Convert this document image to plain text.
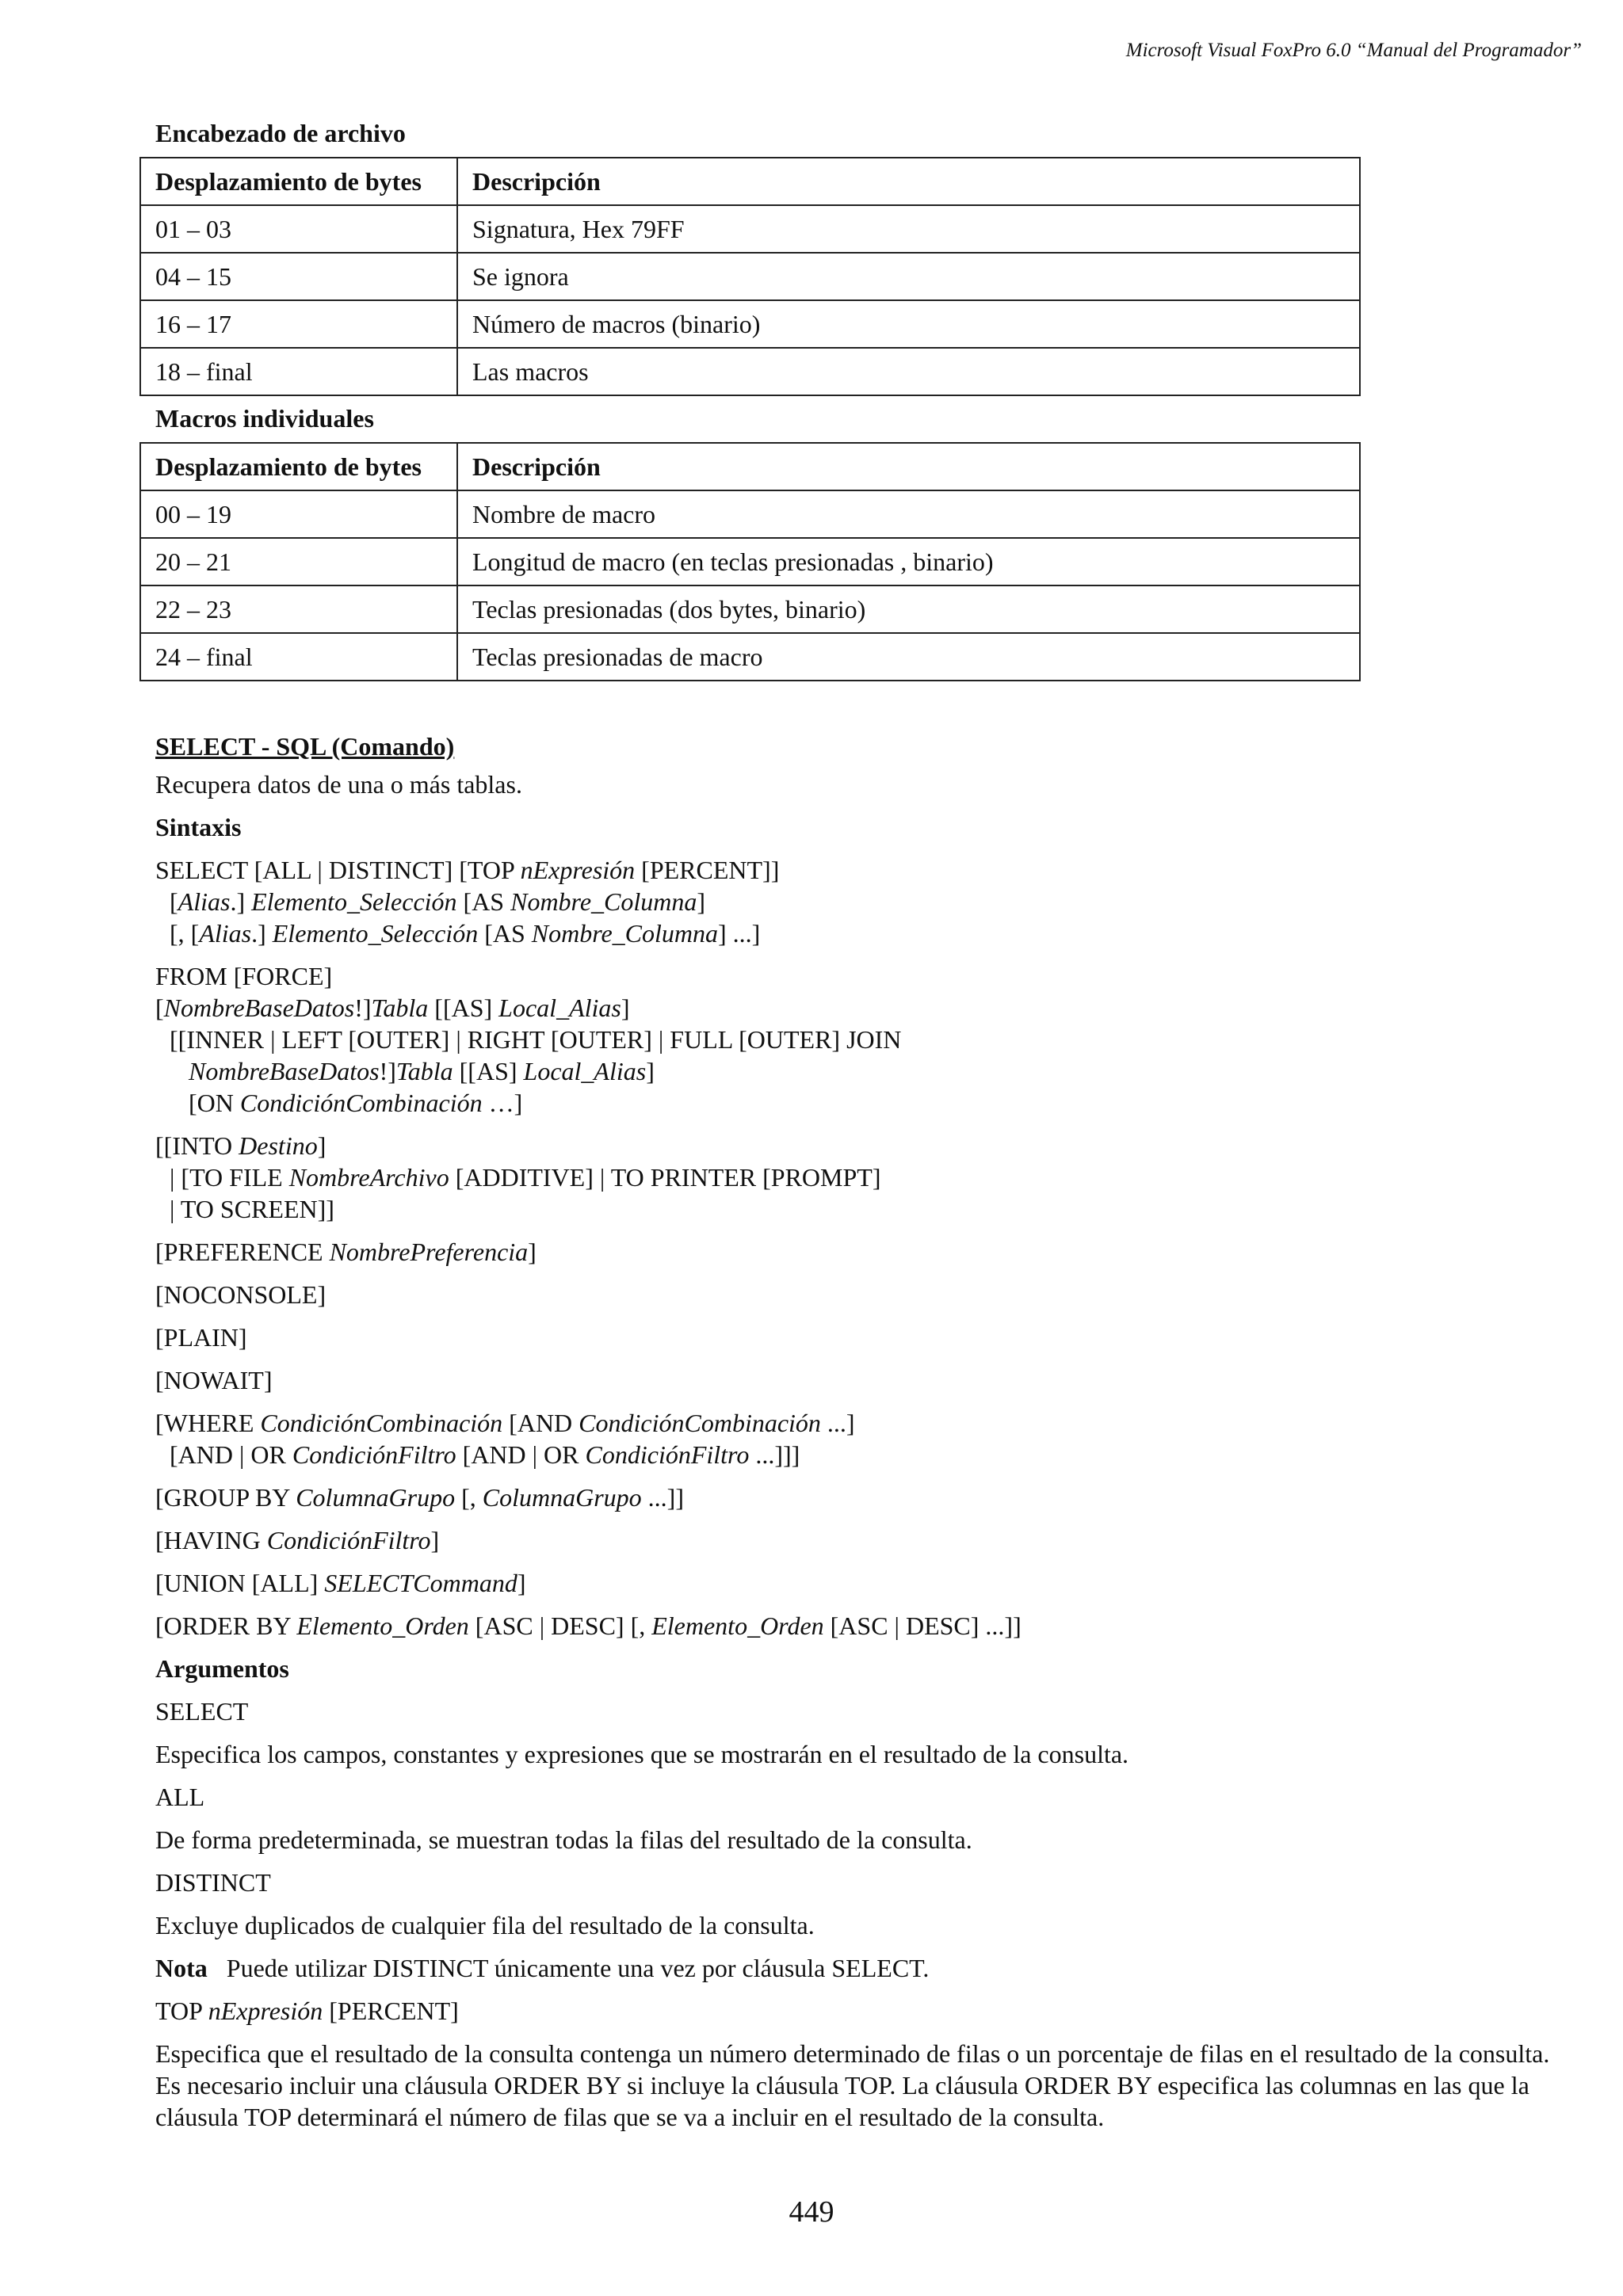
Microsoft Visual FoxPro 6.0 “Manual del Programador”
Encabezado de archivo
Desplazamiento de bytes	Descripción
01 – 03	Signatura, Hex 79FF
04 – 15	Se ignora
16 – 17	Número de macros (binario)
18 – final	Las macros
Macros individuales
Desplazamiento de bytes	Descripción
00 – 19	Nombre de macro
20 – 21	Longitud de macro (en teclas presionadas , binario)
22 – 23	Teclas presionadas (dos bytes, binario)
24 – final	Teclas presionadas de macro
SELECT - SQL (Comando)
Recupera datos de una o más tablas.
Sintaxis
SELECT [ALL | DISTINCT] [TOP nExpresión [PERCENT]]
[Alias.] Elemento_Selección [AS Nombre_Columna]
[, [Alias.] Elemento_Selección [AS Nombre_Columna] ...]
FROM [FORCE]
[NombreBaseDatos!]Tabla [[AS] Local_Alias]
[[INNER | LEFT [OUTER] | RIGHT [OUTER] | FULL [OUTER] JOIN
NombreBaseDatos!]Tabla [[AS] Local_Alias]
[ON CondiciónCombinación …]
[[INTO Destino]
| [TO FILE NombreArchivo [ADDITIVE] | TO PRINTER [PROMPT]
| TO SCREEN]]
[PREFERENCE NombrePreferencia]
[NOCONSOLE]
[PLAIN]
[NOWAIT]
[WHERE CondiciónCombinación [AND CondiciónCombinación ...]
[AND | OR CondiciónFiltro [AND | OR CondiciónFiltro ...]]]
[GROUP BY ColumnaGrupo [, ColumnaGrupo ...]]
[HAVING CondiciónFiltro]
[UNION [ALL] SELECTCommand]
[ORDER BY Elemento_Orden [ASC | DESC] [, Elemento_Orden [ASC | DESC] ...]]
Argumentos
SELECT
Especifica los campos, constantes y expresiones que se mostrarán en el resultado de la consulta.
ALL
De forma predeterminada, se muestran todas la filas del resultado de la consulta.
DISTINCT
Excluye duplicados de cualquier fila del resultado de la consulta.
Nota Puede utilizar DISTINCT únicamente una vez por cláusula SELECT.
TOP nExpresión [PERCENT]
Especifica que el resultado de la consulta contenga un número determinado de filas o un porcentaje de filas en el resultado de la consulta. Es necesario incluir una cláusula ORDER BY si incluye la cláusula TOP. La cláusula ORDER BY especifica las columnas en las que la cláusula TOP determinará el número de filas que se va a incluir en el resultado de la consulta.
449
